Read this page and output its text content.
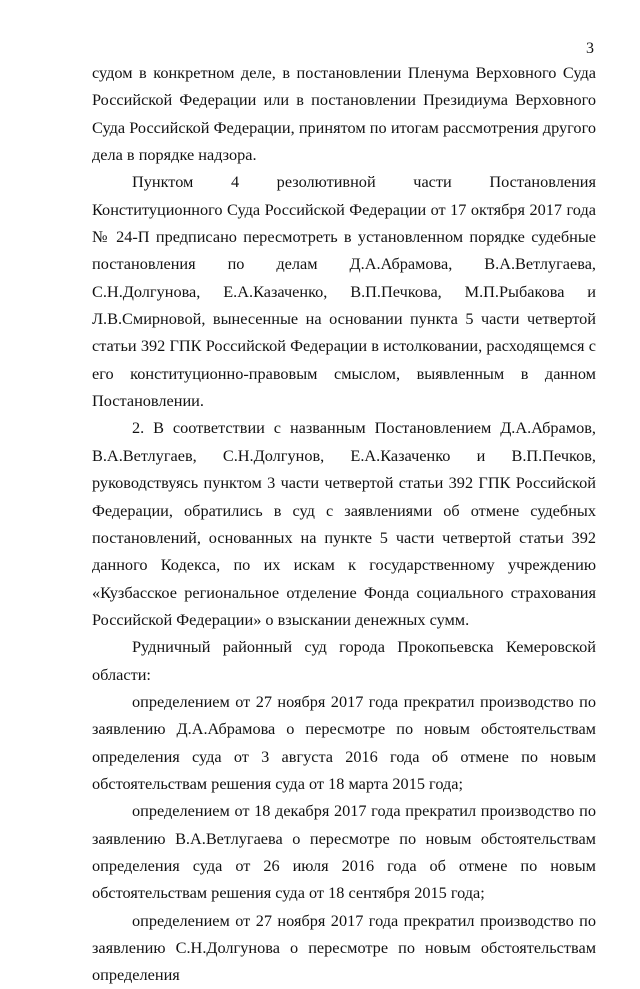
3

судом в конкретном деле, в постановлении Пленума Верховного Суда Российской Федерации или в постановлении Президиума Верховного Суда Российской Федерации, принятом по итогам рассмотрения другого дела в порядке надзора.

Пунктом 4 резолютивной части Постановления Конституционного Суда Российской Федерации от 17 октября 2017 года № 24-П предписано пересмотреть в установленном порядке судебные постановления по делам Д.А.Абрамова, В.А.Ветлугаева, С.Н.Долгунова, Е.А.Казаченко, В.П.Печкова, М.П.Рыбакова и Л.В.Смирновой, вынесенные на основании пункта 5 части четвертой статьи 392 ГПК Российской Федерации в истолковании, расходящемся с его конституционно-правовым смыслом, выявленным в данном Постановлении.

2. В соответствии с названным Постановлением Д.А.Абрамов, В.А.Ветлугаев, С.Н.Долгунов, Е.А.Казаченко и В.П.Печков, руководствуясь пунктом 3 части четвертой статьи 392 ГПК Российской Федерации, обратились в суд с заявлениями об отмене судебных постановлений, основанных на пункте 5 части четвертой статьи 392 данного Кодекса, по их искам к государственному учреждению «Кузбасское региональное отделение Фонда социального страхования Российской Федерации» о взыскании денежных сумм.

Рудничный районный суд города Прокопьевска Кемеровской области:

определением от 27 ноября 2017 года прекратил производство по заявлению Д.А.Абрамова о пересмотре по новым обстоятельствам определения суда от 3 августа 2016 года об отмене по новым обстоятельствам решения суда от 18 марта 2015 года;

определением от 18 декабря 2017 года прекратил производство по заявлению В.А.Ветлугаева о пересмотре по новым обстоятельствам определения суда от 26 июля 2016 года об отмене по новым обстоятельствам решения суда от 18 сентября 2015 года;

определением от 27 ноября 2017 года прекратил производство по заявлению С.Н.Долгунова о пересмотре по новым обстоятельствам определения
